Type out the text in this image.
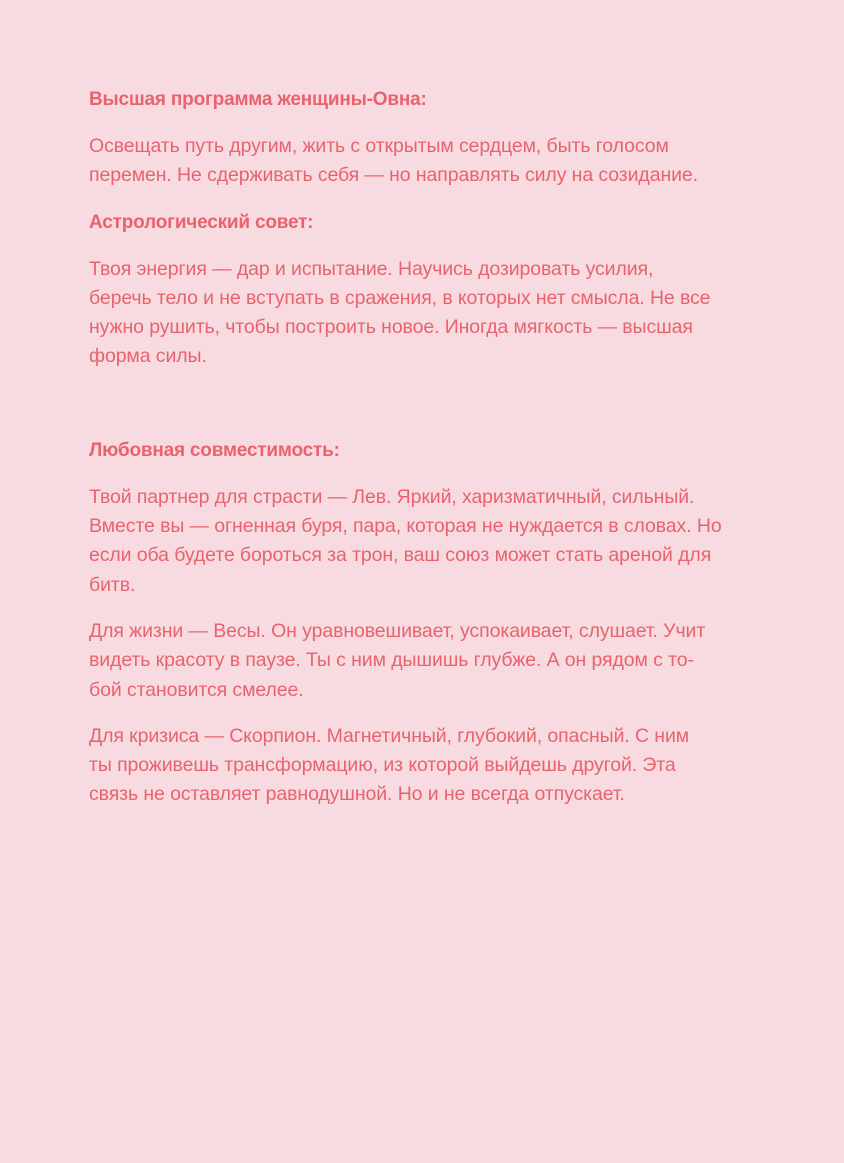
Высшая программа женщины-Овна:
Освещать путь другим, жить с открытым сердцем, быть голосом
перемен. Не сдерживать себя — но направлять силу на созидание.
Астрологический совет:
Твоя энергия — дар и испытание. Научись дозировать усилия,
беречь тело и не вступать в сражения, в которых нет смысла. Не все
нужно рушить, чтобы построить новое. Иногда мягкость — высшая
форма силы.
Любовная совместимость:
Твой партнер для страсти — Лев. Яркий, харизматичный, сильный.
Вместе вы — огненная буря, пара, которая не нуждается в словах. Но
если оба будете бороться за трон, ваш союз может стать ареной для
битв.
Для жизни — Весы. Он уравновешивает, успокаивает, слушает. Учит
видеть красоту в паузе. Ты с ним дышишь глубже. А он рядом с то-
бой становится смелее.
Для кризиса — Скорпион. Магнетичный, глубокий, опасный. С ним
ты проживешь трансформацию, из которой выйдешь другой. Эта
связь не оставляет равнодушной. Но и не всегда отпускает.
